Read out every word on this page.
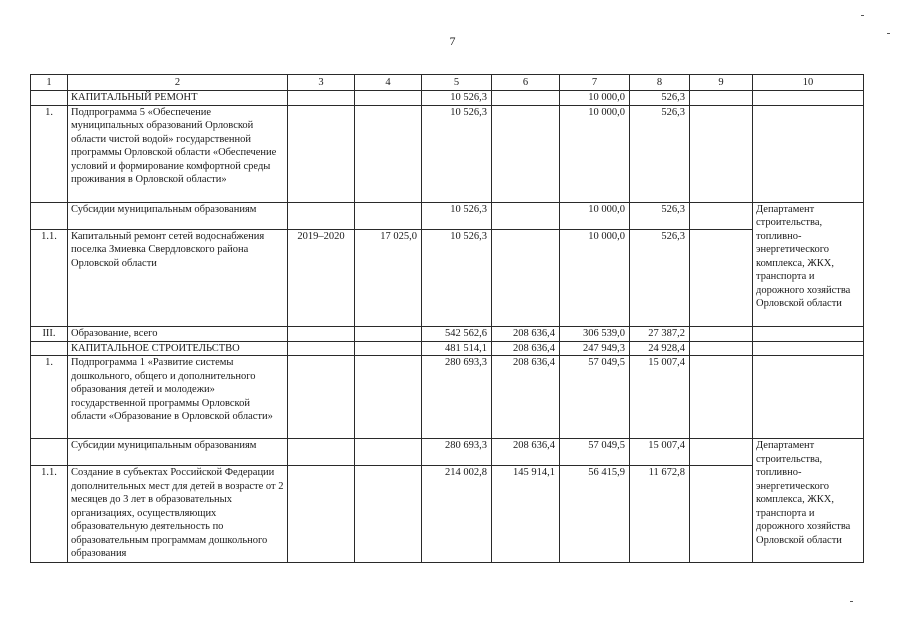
7
1	2	3	4	5	6	7	8	9	10
	КАПИТАЛЬНЫЙ РЕМОНТ			10 526,3		10 000,0	526,3		
1.	Подпрограмма 5 «Обеспечение муниципальных образований Орловской области чистой водой» государственной программы Орловской области «Обеспечение условий и формирование комфортной среды проживания в Орловской области»			10 526,3		10 000,0	526,3		
	Субсидии муниципальным образованиям			10 526,3		10 000,0	526,3		Департамент строительства, топливно-энергетического комплекса, ЖКХ, транспорта и дорожного хозяйства Орловской области
1.1.	Капитальный ремонт сетей водоснабжения поселка Змиевка Свердловского района Орловской области	2019–2020	17 025,0	10 526,3		10 000,0	526,3		
III.	Образование, всего			542 562,6	208 636,4	306 539,0	27 387,2		
	КАПИТАЛЬНОЕ СТРОИТЕЛЬСТВО			481 514,1	208 636,4	247 949,3	24 928,4		
1.	Подпрограмма 1 «Развитие системы дошкольного, общего и дополнительного образования детей и молодежи» государственной программы Орловской области «Образование в Орловской области»			280 693,3	208 636,4	57 049,5	15 007,4		
	Субсидии муниципальным образованиям			280 693,3	208 636,4	57 049,5	15 007,4		Департамент строительства, топливно-энергетического комплекса, ЖКХ, транспорта и дорожного хозяйства Орловской области
1.1.	Создание в субъектах Российской Федерации дополнительных мест для детей в возрасте от 2 месяцев до 3 лет в образовательных организациях, осуществляющих образовательную деятельность по образовательным программам дошкольного образования			214 002,8	145 914,1	56 415,9	11 672,8		
